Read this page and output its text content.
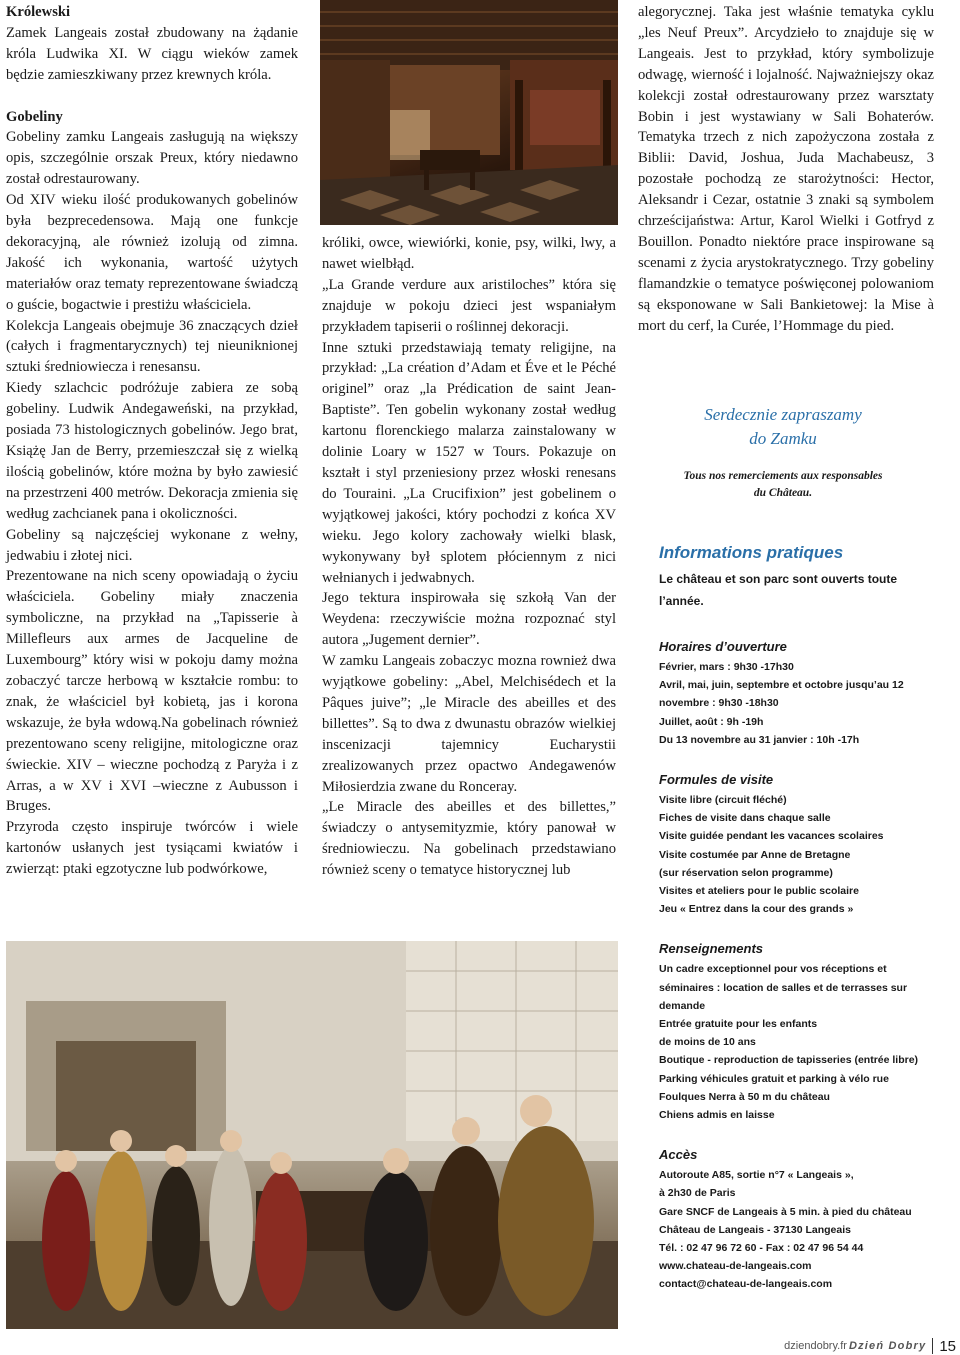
Królewski

Zamek Langeais został zbudowany na żądanie króla Ludwika XI. W ciągu wieków zamek będzie zamieszkiwany przez krewnych króla.

Gobeliny

Gobeliny zamku Langeais zasługują na większy opis, szczególnie orszak Preux, który niedawno został odrestaurowany.

Od XIV wieku ilość produkowanych gobelinów była bezprecedensowa. Mają one funkcje dekoracyjną, ale również izolują od zimna. Jakość ich wykonania, wartość użytych materiałów oraz tematy reprezentowane świadczą o guście, bogactwie i prestiżu właściciela.

Kolekcja Langeais obejmuje 36 znaczących dzieł (całych i fragmentarycznych) tej nieuniknionej sztuki średniowiecza i renesansu.

Kiedy szlachcic podróżuje zabiera ze sobą gobeliny. Ludwik Andegaweński, na przykład, posiada 73 histologicznych gobelinów. Jego brat, Książę Jan de Berry, przemieszczał się z wielką ilością gobelinów, które można by było zawiesić na przestrzeni 400 metrów. Dekoracja zmienia się według zachcianek pana i okoliczności.

Gobeliny są najczęściej wykonane z wełny, jedwabiu i złotej nici.

Prezentowane na nich sceny opowiadają o życiu właściciela. Gobeliny miały znaczenia symboliczne, na przykład na „Tapisserie à Millefleurs aux armes de Jacqueline de Luxembourg” który wisi w pokoju damy można zobaczyć tarcze herbową w kształcie rombu: to znak, że właściciel był kobietą, jas i korona wskazuje, że była wdową.Na gobelinach również prezentowano sceny religijne, mitologiczne oraz świeckie. XIV – wieczne pochodzą z Paryża i z Arras, a w XV i XVI –wieczne z Aubusson i Bruges.

Przyroda często inspiruje twórców i wiele kartonów usłanych jest tysiącami kwiatów i zwierząt: ptaki egzotyczne lub podwórkowe,

króliki, owce, wiewiórki, konie, psy, wilki, lwy, a nawet wielbłąd.

„La Grande verdure aux aristiloches” która się znajduje w pokoju dzieci jest wspaniałym przykładem tapiserii o roślinnej dekoracji.

Inne sztuki przedstawiają tematy religijne, na przykład: „La création d’Adam et Éve et le Péché originel” oraz „la Prédication de saint Jean-Baptiste”. Ten gobelin wykonany został według kartonu florenckiego malarza zainstalowany w dolinie Loary w 1527 w Tours. Pokazuje on kształt i styl przeniesiony przez włoski renesans do Touraini. „La Crucifixion” jest gobelinem o wyjątkowej jakości, który pochodzi z końca XV wieku. Jego kolory zachowały wielki blask, wykonywany był splotem płóciennym z nici wełnianych i jedwabnych.

Jego tektura inspirowała się szkołą Van der Weydena: rzeczywiście można rozpoznać styl autora „Jugement dernier”.

W zamku Langeais zobaczyc mozna rownież dwa wyjątkowe gobeliny: „Abel, Melchisédech et la Pâques juive”; „le Miracle des abeilles et des billettes”. Są to dwa z dwunastu obrazów wielkiej inscenizacji tajemnicy Eucharystii zrealizowanych przez opactwo Andegawenów Miłosierdzia zwane du Ronceray.

„Le Miracle des abeilles et des billettes,” świadczy o antysemityzmie, który panował w średniowieczu. Na gobelinach przedstawiano również sceny o tematyce historycznej lub

alegorycznej. Taka jest właśnie tematyka cyklu „les Neuf Preux”. Arcydzieło to znajduje się w Langeais. Jest to przykład, który symbolizuje odwagę, wierność i lojalność. Najważniejszy okaz kolekcji został odrestaurowany przez warsztaty Bobin i jest wystawiany w Sali Bohaterów. Tematyka trzech z nich zapożyczona została z Biblii: David, Joshua, Juda Machabeusz, 3 pozostałe pochodzą ze starożytności: Hector, Aleksandr i Cezar, ostatnie 3 znaki są symbolem chrześcijaństwa: Artur, Karol Wielki i Gotfryd z Bouillon. Ponadto niektóre prace inspirowane są scenami z życia arystokratycznego. Trzy gobeliny flamandzkie o tematyce poświęconej polowaniom są eksponowane w Sali Bankietowej: la Mise à mort du cerf, la Curée, l’Hommage du pied.

Serdecznie zapraszamy
do Zamku
Tous nos remerciements aux responsables
du Château.
Informations pratiques

Le château et son parc sont ouverts toute l’année.

Horaires d’ouverture

Février, mars : 9h30 -17h30

Avril, mai, juin, septembre et octobre jusqu’au 12 novembre : 9h30 -18h30

Juillet, août : 9h -19h

Du 13 novembre au 31 janvier : 10h -17h

Formules de visite

Visite libre (circuit fléché)

Fiches de visite dans chaque salle

Visite guidée pendant les vacances scolaires

Visite costumée par Anne de Bretagne

(sur réservation selon programme)

Visites et ateliers pour le public scolaire

Jeu « Entrez dans la cour des grands »

Renseignements

Un cadre exceptionnel pour vos réceptions et séminaires : location de salles et de terrasses sur demande

Entrée gratuite pour les enfants

de moins de 10 ans

Boutique - reproduction de tapisseries (entrée libre)

Parking véhicules gratuit et parking à vélo rue Foulques Nerra à 50 m du château

Chiens admis en laisse

Accès

Autoroute A85, sortie n°7 « Langeais »,

à 2h30 de Paris

Gare SNCF de Langeais à 5 min. à pied du château

Château de Langeais - 37130 Langeais

Tél. : 02 47 96 72 60 - Fax : 02 47 96 54 44

www.chateau-de-langeais.com

contact@chateau-de-langeais.com

dziendobry.fr Dzień Dobry 15
